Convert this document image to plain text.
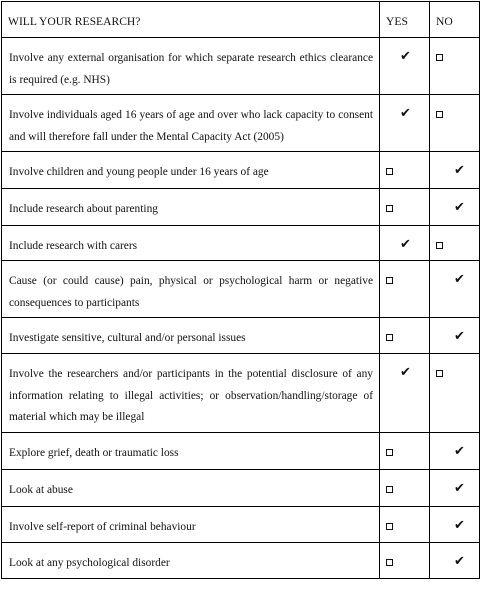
WILL YOUR RESEARCH?	YES	NO
Involve any external organisation for which separate research ethics clearance is required (e.g. NHS)	✔	

Involve individuals aged 16 years of age and over who lack capacity to consent and will therefore fall under the Mental Capacity Act (2005)	✔	

Involve children and young people under 16 years of age		✔

Include research about parenting		✔

Include research with carers	✔	

Cause (or could cause) pain, physical or psychological harm or negative consequences to participants		✔

Investigate sensitive, cultural and/or personal issues		✔

Involve the researchers and/or participants in the potential disclosure of any information relating to illegal activities; or observation/handling/storage of material which may be illegal	✔	

Explore grief, death or traumatic loss		✔

Look at abuse		✔

Involve self-report of criminal behaviour		✔

Look at any psychological disorder		✔
